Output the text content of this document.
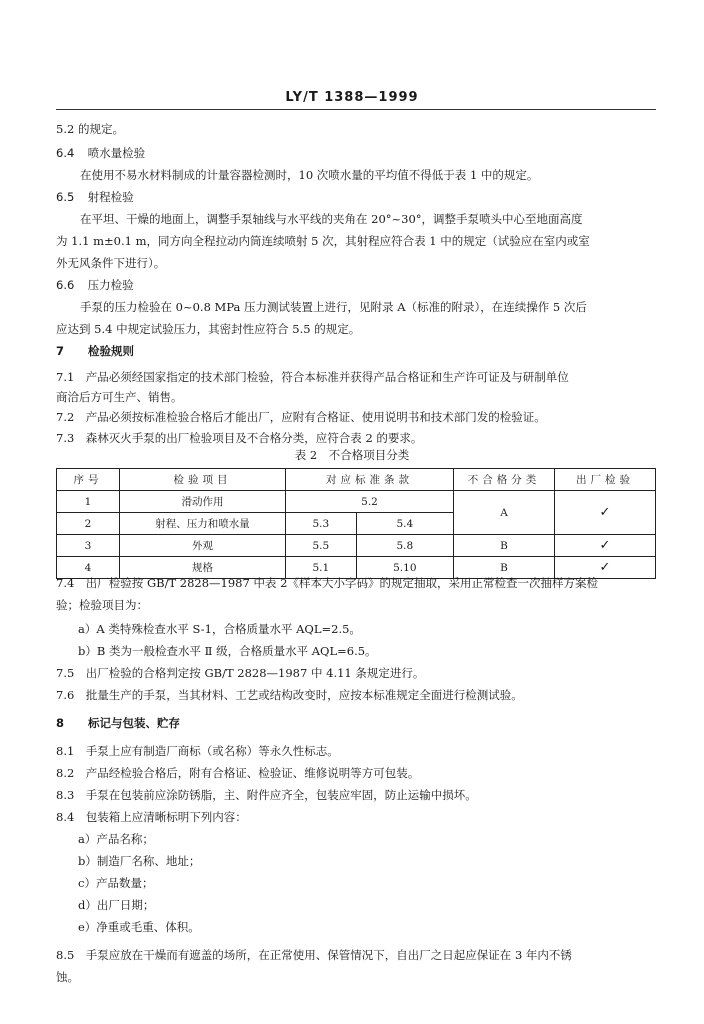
LY/T 1388—1999
5.2 的规定。
6.4 喷水量检验
在使用不易水材料制成的计量容器检测时，10 次喷水量的平均值不得低于表 1 中的规定。
6.5 射程检验
在平坦、干燥的地面上，调整手泵轴线与水平线的夹角在 20°~30°，调整手泵喷头中心至地面高度
为 1.1 m±0.1 m，同方向全程拉动内筒连续喷射 5 次，其射程应符合表 1 中的规定（试验应在室内或室
外无风条件下进行）。
6.6 压力检验
手泵的压力检验在 0~0.8 MPa 压力测试装置上进行，见附录 A（标准的附录），在连续操作 5 次后
应达到 5.4 中规定试验压力，其密封性应符合 5.5 的规定。
7 检验规则
7.1　产品必须经国家指定的技术部门检验，符合本标准并获得产品合格证和生产许可证及与研制单位
商洽后方可生产、销售。
7.2　产品必须按标准检验合格后才能出厂，应附有合格证、使用说明书和技术部门发的检验证。
表 2　不合格项目分类
序号	检验项目	对应标准条款		不合格分类	出厂检验
1	滑动作用	5.2		A	✓
2	射程、压力和喷水量	5.3	5.4		
3	外观	5.5	5.8	B	✓
4	规格	5.1	5.10	B	✓
7.4　出厂检验按 GB/T 2828—1987 中表 2《样本大小字码》的规定抽取，采用正常检查一次抽样方案检
验；检验项目为：
a）A 类特殊检查水平 S-1，合格质量水平 AQL=2.5。
b）B 类为一般检查水平 Ⅱ 级，合格质量水平 AQL=6.5。
7.5　出厂检验的合格判定按 GB/T 2828—1987 中 4.11 条规定进行。
7.6　批量生产的手泵，当其材料、工艺或结构改变时，应按本标准规定全面进行检测试验。
8 标记与包装、贮存
8.1　手泵上应有制造厂商标（或名称）等永久性标志。
8.2　产品经检验合格后，附有合格证、检验证、维修说明等方可包装。
8.3　手泵在包装前应涂防锈脂，主、附件应齐全，包装应牢固，防止运输中损坏。
8.4　包装箱上应清晰标明下列内容：
a）产品名称；
b）制造厂名称、地址；
c）产品数量；
d）出厂日期；
e）净重或毛重、体积。
8.5　手泵应放在干燥而有遮盖的场所，在正常使用、保管情况下，自出厂之日起应保证在 3 年内不锈
蚀。
7.3　森林灭火手泵的出厂检验项目及不合格分类，应符合表 2 的要求。
